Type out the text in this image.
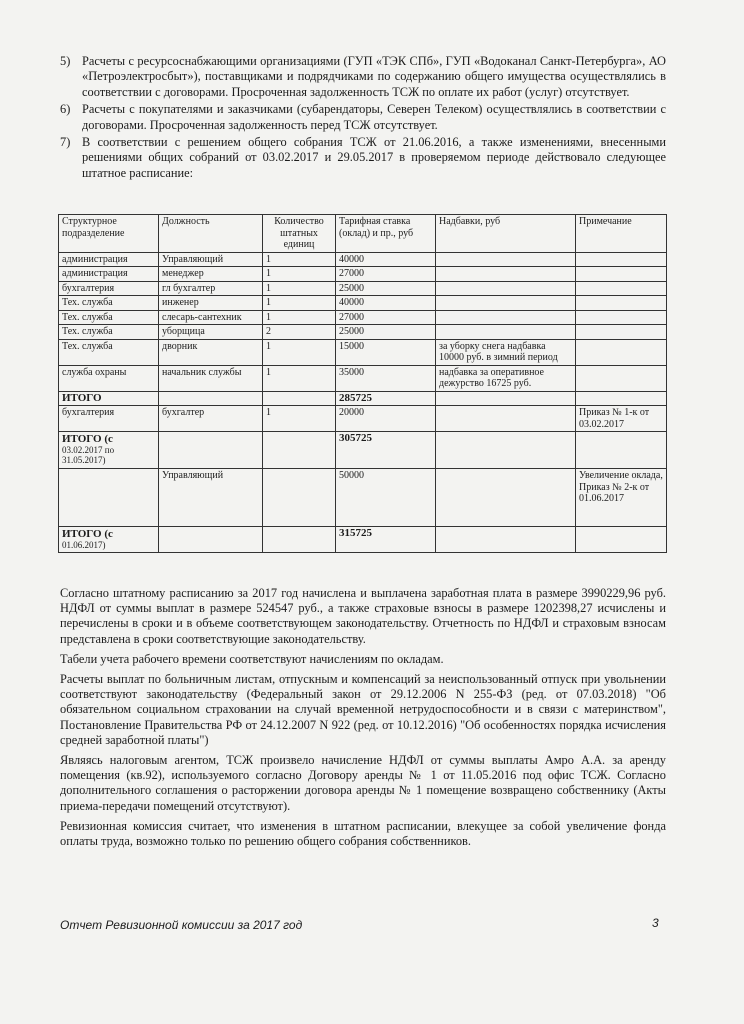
5) Расчеты с ресурсоснабжающими организациями (ГУП «ТЭК СПб», ГУП «Водоканал Санкт-Петербурга», АО «Петроэлектросбыт»), поставщиками и подрядчиками по содержанию общего имущества осуществлялись в соответствии с договорами. Просроченная задолженность ТСЖ по оплате их работ (услуг) отсутствует.
6) Расчеты с покупателями и заказчиками (субарендаторы, Северен Телеком) осуществлялись в соответствии с договорами. Просроченная задолженность перед ТСЖ отсутствует.
7) В соответствии с решением общего собрания ТСЖ от 21.06.2016, а также изменениями, внесенными решениями общих собраний от 03.02.2017 и 29.05.2017 в проверяемом периоде действовало следующее штатное расписание:
Структурное подразделение	Должность	Количество штатных единиц	Тарифная ставка (оклад) и пр., руб	Надбавки, руб	Примечание
администрация	Управляющий	1	40000		
администрация	менеджер	1	27000		
бухгалтерия	гл бухгалтер	1	25000		
Тех. служба	инженер	1	40000		
Тех. служба	слесарь-сантехник	1	27000		
Тех. служба	уборщица	2	25000		
Тех. служба	дворник	1	15000	за уборку снега надбавка 10000 руб. в зимний период	
служба охраны	начальник службы	1	35000	надбавка за оперативное дежурство 16725 руб.	
ИТОГО			285725		
бухгалтерия	бухгалтер	1	20000		Приказ № 1-к от 03.02.2017
ИТОГО (с
03.02.2017 по 31.05.2017)			305725		
	Управляющий		50000		Увеличение оклада, Приказ № 2-к от 01.06.2017
ИТОГО (с
01.06.2017)			315725		

Согласно штатному расписанию за 2017 год начислена и выплачена заработная плата в размере 3990229,96 руб. НДФЛ от суммы выплат в размере 524547 руб., а также страховые взносы в размере 1202398,27 исчислены и перечислены в сроки и в объеме соответствующем законодательству. Отчетность по НДФЛ и страховым взносам представлена в сроки соответствующие законодательству.

Табели учета рабочего времени соответствуют начислениям по окладам.

Расчеты выплат по больничным листам, отпускным и компенсаций за неиспользованный отпуск при увольнении соответствуют законодательству (Федеральный закон от 29.12.2006 N 255-ФЗ (ред. от 07.03.2018) "Об обязательном социальном страховании на случай временной нетрудоспособности и в связи с материнством", Постановление Правительства РФ от 24.12.2007 N 922 (ред. от 10.12.2016) "Об особенностях порядка исчисления средней заработной платы")

Являясь налоговым агентом, ТСЖ произвело начисление НДФЛ от суммы выплаты Амро А.А. за аренду помещения (кв.92), используемого согласно Договору аренды № 1 от 11.05.2016 под офис ТСЖ. Согласно дополнительного соглашения о расторжении договора аренды № 1 помещение возвращено собственнику (Акты приема-передачи помещений отсутствуют).

Ревизионная комиссия считает, что изменения в штатном расписании, влекущее за собой увеличение фонда оплаты труда, возможно только по решению общего собрания собственников.

Отчет Ревизионной комиссии за 2017 год	3
